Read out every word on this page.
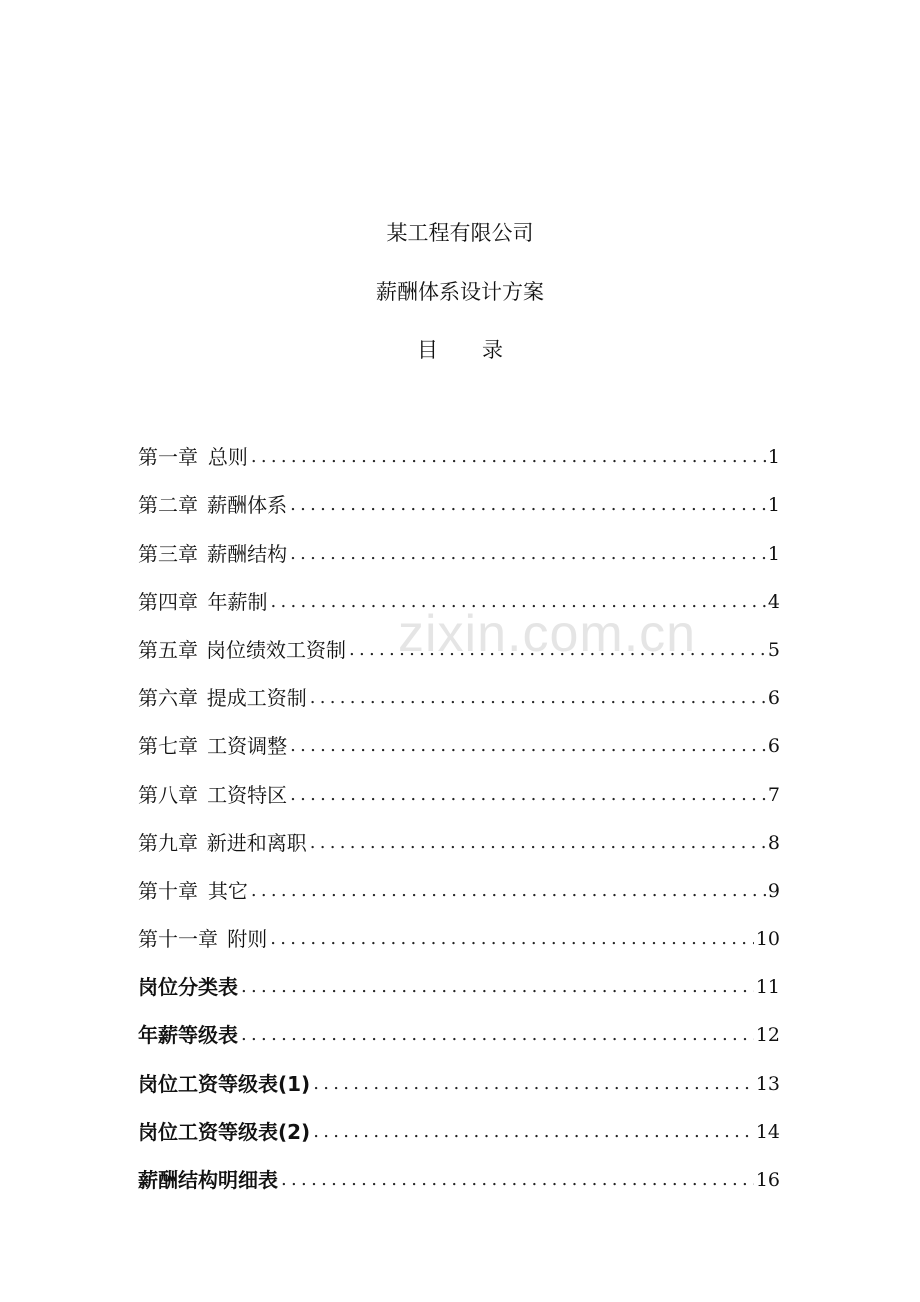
某工程有限公司
薪酬体系设计方案
目 录
第一章 总则 .....	1
第二章 薪酬体系 .....	1
第三章 薪酬结构 .....	1
第四章 年薪制 .....	4
第五章 岗位绩效工资制 .....	5
第六章 提成工资制 .....	6
第七章 工资调整 .....	6
第八章 工资特区 .....	7
第九章 新进和离职 .....	8
第十章 其它 .....	9
第十一章 附则 .....	10
岗位分类表 .....	11
年薪等级表 .....	12
岗位工资等级表(1) .....	13
岗位工资等级表(2) .....	14
薪酬结构明细表 .....	16
zixin.com.cn
